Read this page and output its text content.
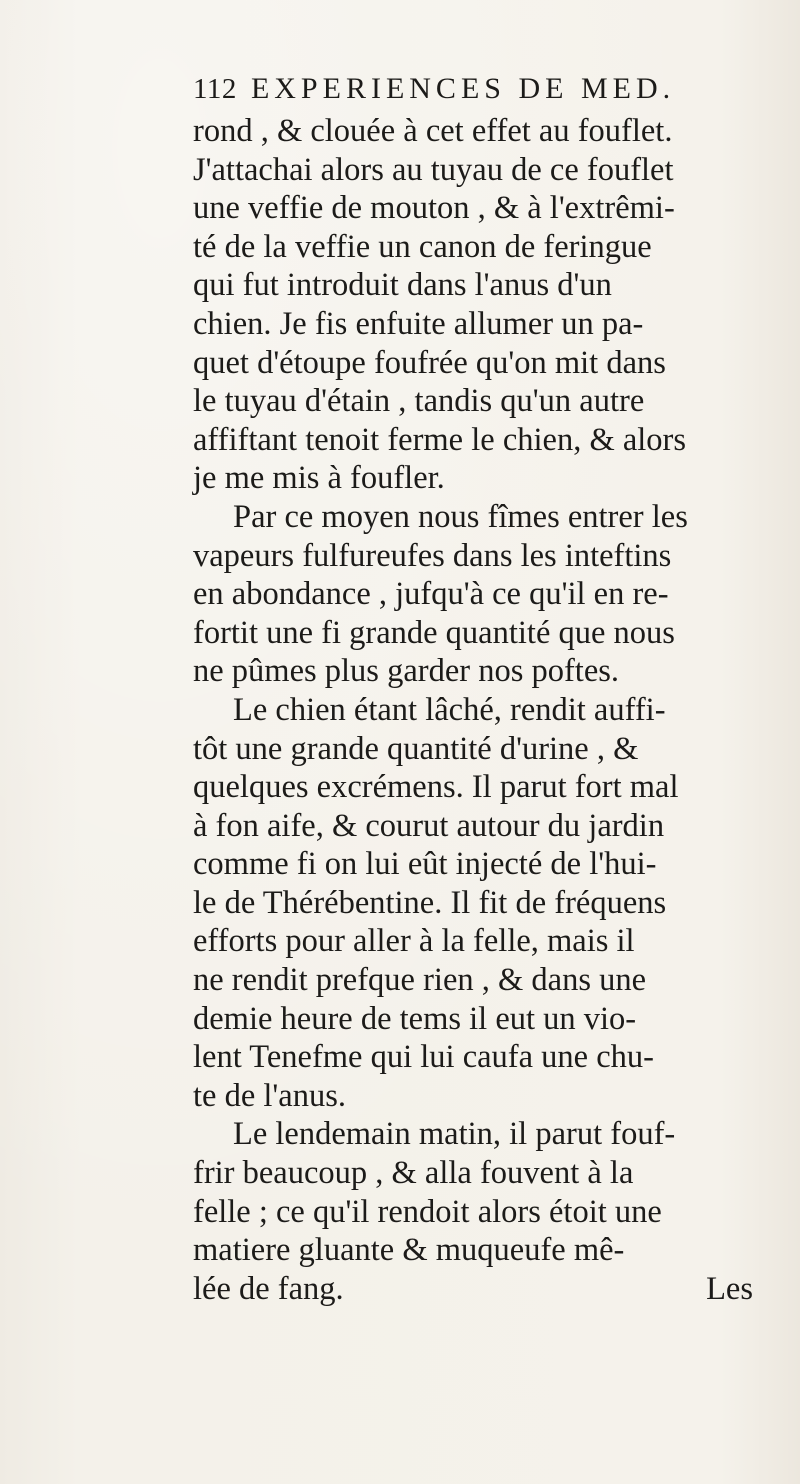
112 EXPERIENCES DE MED.
rond , & clouée à cet effet au fouflet.
J'attachai alors au tuyau de ce fouflet
une veffie de mouton , & à l'extrêmi-
té de la veffie un canon de feringue
qui fut introduit dans l'anus d'un
chien. Je fis enfuite allumer un pa-
quet d'étoupe foufrée qu'on mit dans
le tuyau d'étain , tandis qu'un autre
affiftant tenoit ferme le chien, & alors
je me mis à foufler.
Par ce moyen nous fîmes entrer les
vapeurs fulfureufes dans les inteftins
en abondance , jufqu'à ce qu'il en re-
fortit une fi grande quantité que nous
ne pûmes plus garder nos poftes.
Le chien étant lâché, rendit auffi-
tôt une grande quantité d'urine , &
quelques excrémens. Il parut fort mal
à fon aife, & courut autour du jardin
comme fi on lui eût injecté de l'hui-
le de Thérébentine. Il fit de fréquens
efforts pour aller à la felle, mais il
ne rendit prefque rien , & dans une
demie heure de tems il eut un vio-
lent Tenefme qui lui caufa une chu-
te de l'anus.
Le lendemain matin, il parut fouf-
frir beaucoup , & alla fouvent à la
felle ; ce qu'il rendoit alors étoit une
matiere gluante & muqueufe mê-
lée de fang.	Les
